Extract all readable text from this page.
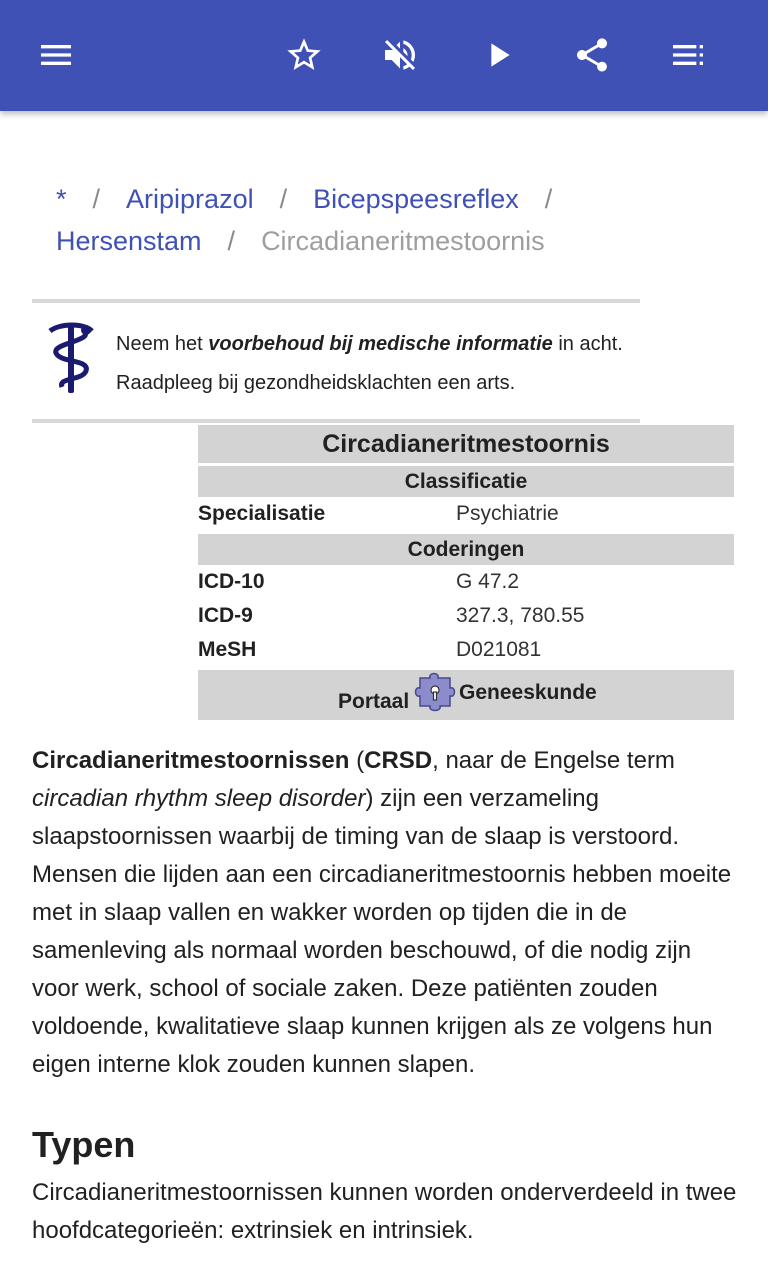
* / Aripiprazol / Bicepspeesreflex /
Hersenstam / Circadianeritmestoornis
Neem het voorbehoud bij medische informatie in acht.
Raadpleeg bij gezondheidsklachten een arts.
Circadianeritmestoornis
Classificatie
Specialisatie	Psychiatrie
Coderingen
ICD-10	G 47.2
ICD-9	327.3, 780.55
MeSH	D021081
Portaal Geneeskunde
Circadianeritmestoornissen (CRSD, naar de Engelse term circadian rhythm sleep disorder) zijn een verzameling slaapstoornissen waarbij de timing van de slaap is verstoord. Mensen die lijden aan een circadianeritmestoornis hebben moeite met in slaap vallen en wakker worden op tijden die in de samenleving als normaal worden beschouwd, of die nodig zijn voor werk, school of sociale zaken. Deze patiënten zouden voldoende, kwalitatieve slaap kunnen krijgen als ze volgens hun eigen interne klok zouden kunnen slapen.
Typen
Circadianeritmestoornissen kunnen worden onderverdeeld in twee hoofdcategorieën: extrinsiek en intrinsiek.
